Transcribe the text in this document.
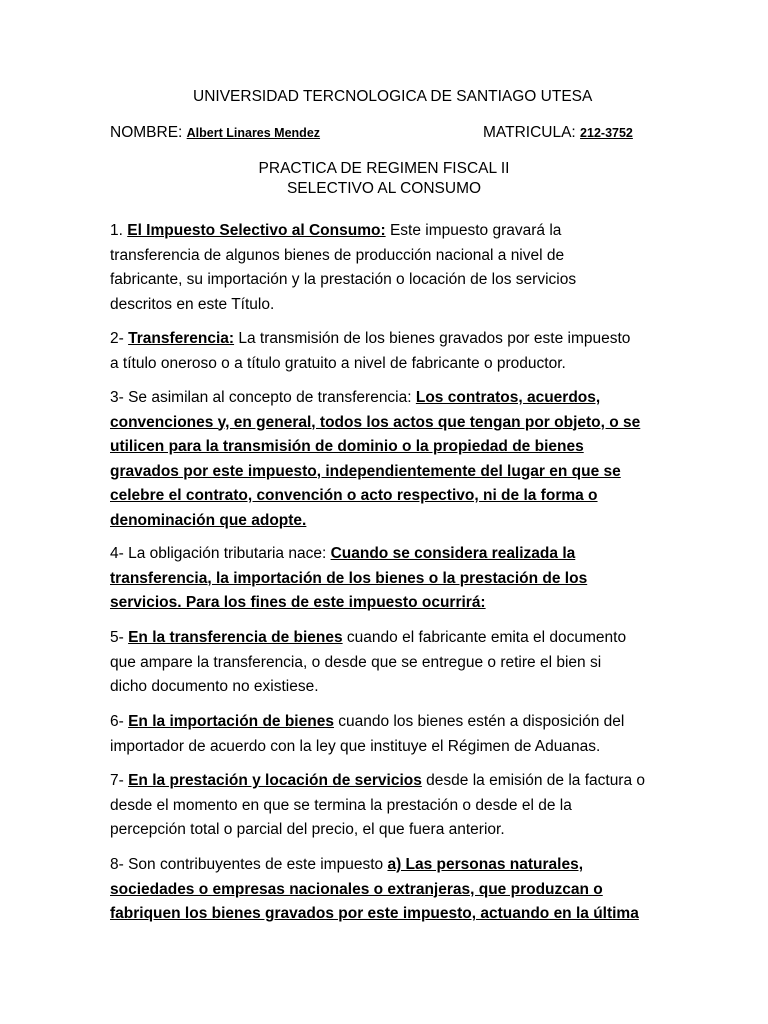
UNIVERSIDAD TERCNOLOGICA DE SANTIAGO UTESA
NOMBRE: Albert Linares Mendez	MATRICULA: 212-3752
PRACTICA DE REGIMEN FISCAL II
SELECTIVO AL CONSUMO
1. El Impuesto Selectivo al Consumo: Este impuesto gravará la
transferencia de algunos bienes de producción nacional a nivel de
fabricante, su importación y la prestación o locación de los servicios
descritos en este Título.
2- Transferencia: La transmisión de los bienes gravados por este impuesto
a título oneroso o a título gratuito a nivel de fabricante o productor.
3- Se asimilan al concepto de transferencia: Los contratos, acuerdos,
convenciones y, en general, todos los actos que tengan por objeto, o se
utilicen para la transmisión de dominio o la propiedad de bienes
gravados por este impuesto, independientemente del lugar en que se
celebre el contrato, convención o acto respectivo, ni de la forma o
denominación que adopte.
4- La obligación tributaria nace: Cuando se considera realizada la
transferencia, la importación de los bienes o la prestación de los
servicios. Para los fines de este impuesto ocurrirá:
5- En la transferencia de bienes cuando el fabricante emita el documento
que ampare la transferencia, o desde que se entregue o retire el bien si
dicho documento no existiese.
6- En la importación de bienes cuando los bienes estén a disposición del
importador de acuerdo con la ley que instituye el Régimen de Aduanas.
7- En la prestación y locación de servicios desde la emisión de la factura o
desde el momento en que se termina la prestación o desde el de la
percepción total o parcial del precio, el que fuera anterior.
8- Son contribuyentes de este impuesto a) Las personas naturales,
sociedades o empresas nacionales o extranjeras, que produzcan o
fabriquen los bienes gravados por este impuesto, actuando en la última
